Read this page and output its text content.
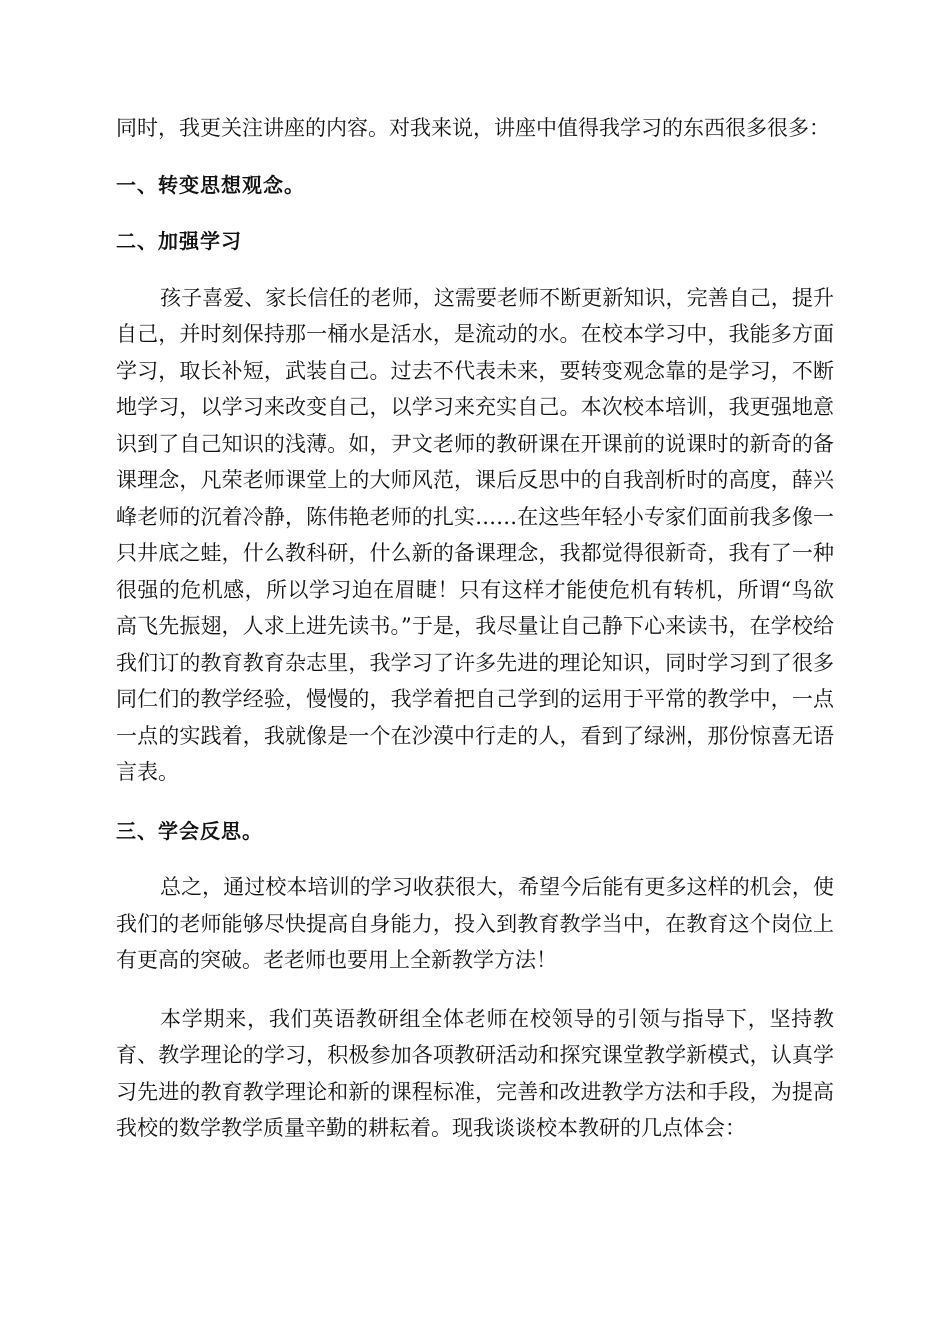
同时，我更关注讲座的内容。对我来说，讲座中值得我学习的东西很多很多：

一、转变思想观念。

二、加强学习

孩子喜爱、家长信任的老师，这需要老师不断更新知识，完善自己，提升自己，并时刻保持那一桶水是活水，是流动的水。在校本学习中，我能多方面学习，取长补短，武装自己。过去不代表未来，要转变观念靠的是学习，不断地学习，以学习来改变自己，以学习来充实自己。本次校本培训，我更强地意识到了自己知识的浅薄。如，尹文老师的教研课在开课前的说课时的新奇的备课理念，凡荣老师课堂上的大师风范，课后反思中的自我剖析时的高度，薛兴峰老师的沉着冷静，陈伟艳老师的扎实……在这些年轻小专家们面前我多像一只井底之蛙，什么教科研，什么新的备课理念，我都觉得很新奇，我有了一种很强的危机感，所以学习迫在眉睫！只有这样才能使危机有转机，所谓“鸟欲高飞先振翅，人求上进先读书。”于是，我尽量让自己静下心来读书，在学校给我们订的教育教育杂志里，我学习了许多先进的理论知识，同时学习到了很多同仁们的教学经验，慢慢的，我学着把自己学到的运用于平常的教学中，一点一点的实践着，我就像是一个在沙漠中行走的人，看到了绿洲，那份惊喜无语言表。

三、学会反思。

总之，通过校本培训的学习收获很大，希望今后能有更多这样的机会，使我们的老师能够尽快提高自身能力，投入到教育教学当中，在教育这个岗位上有更高的突破。老老师也要用上全新教学方法！

本学期来，我们英语教研组全体老师在校领导的引领与指导下，坚持教育、教学理论的学习，积极参加各项教研活动和探究课堂教学新模式，认真学习先进的教育教学理论和新的课程标准，完善和改进教学方法和手段，为提高我校的数学教学质量辛勤的耕耘着。现我谈谈校本教研的几点体会：
